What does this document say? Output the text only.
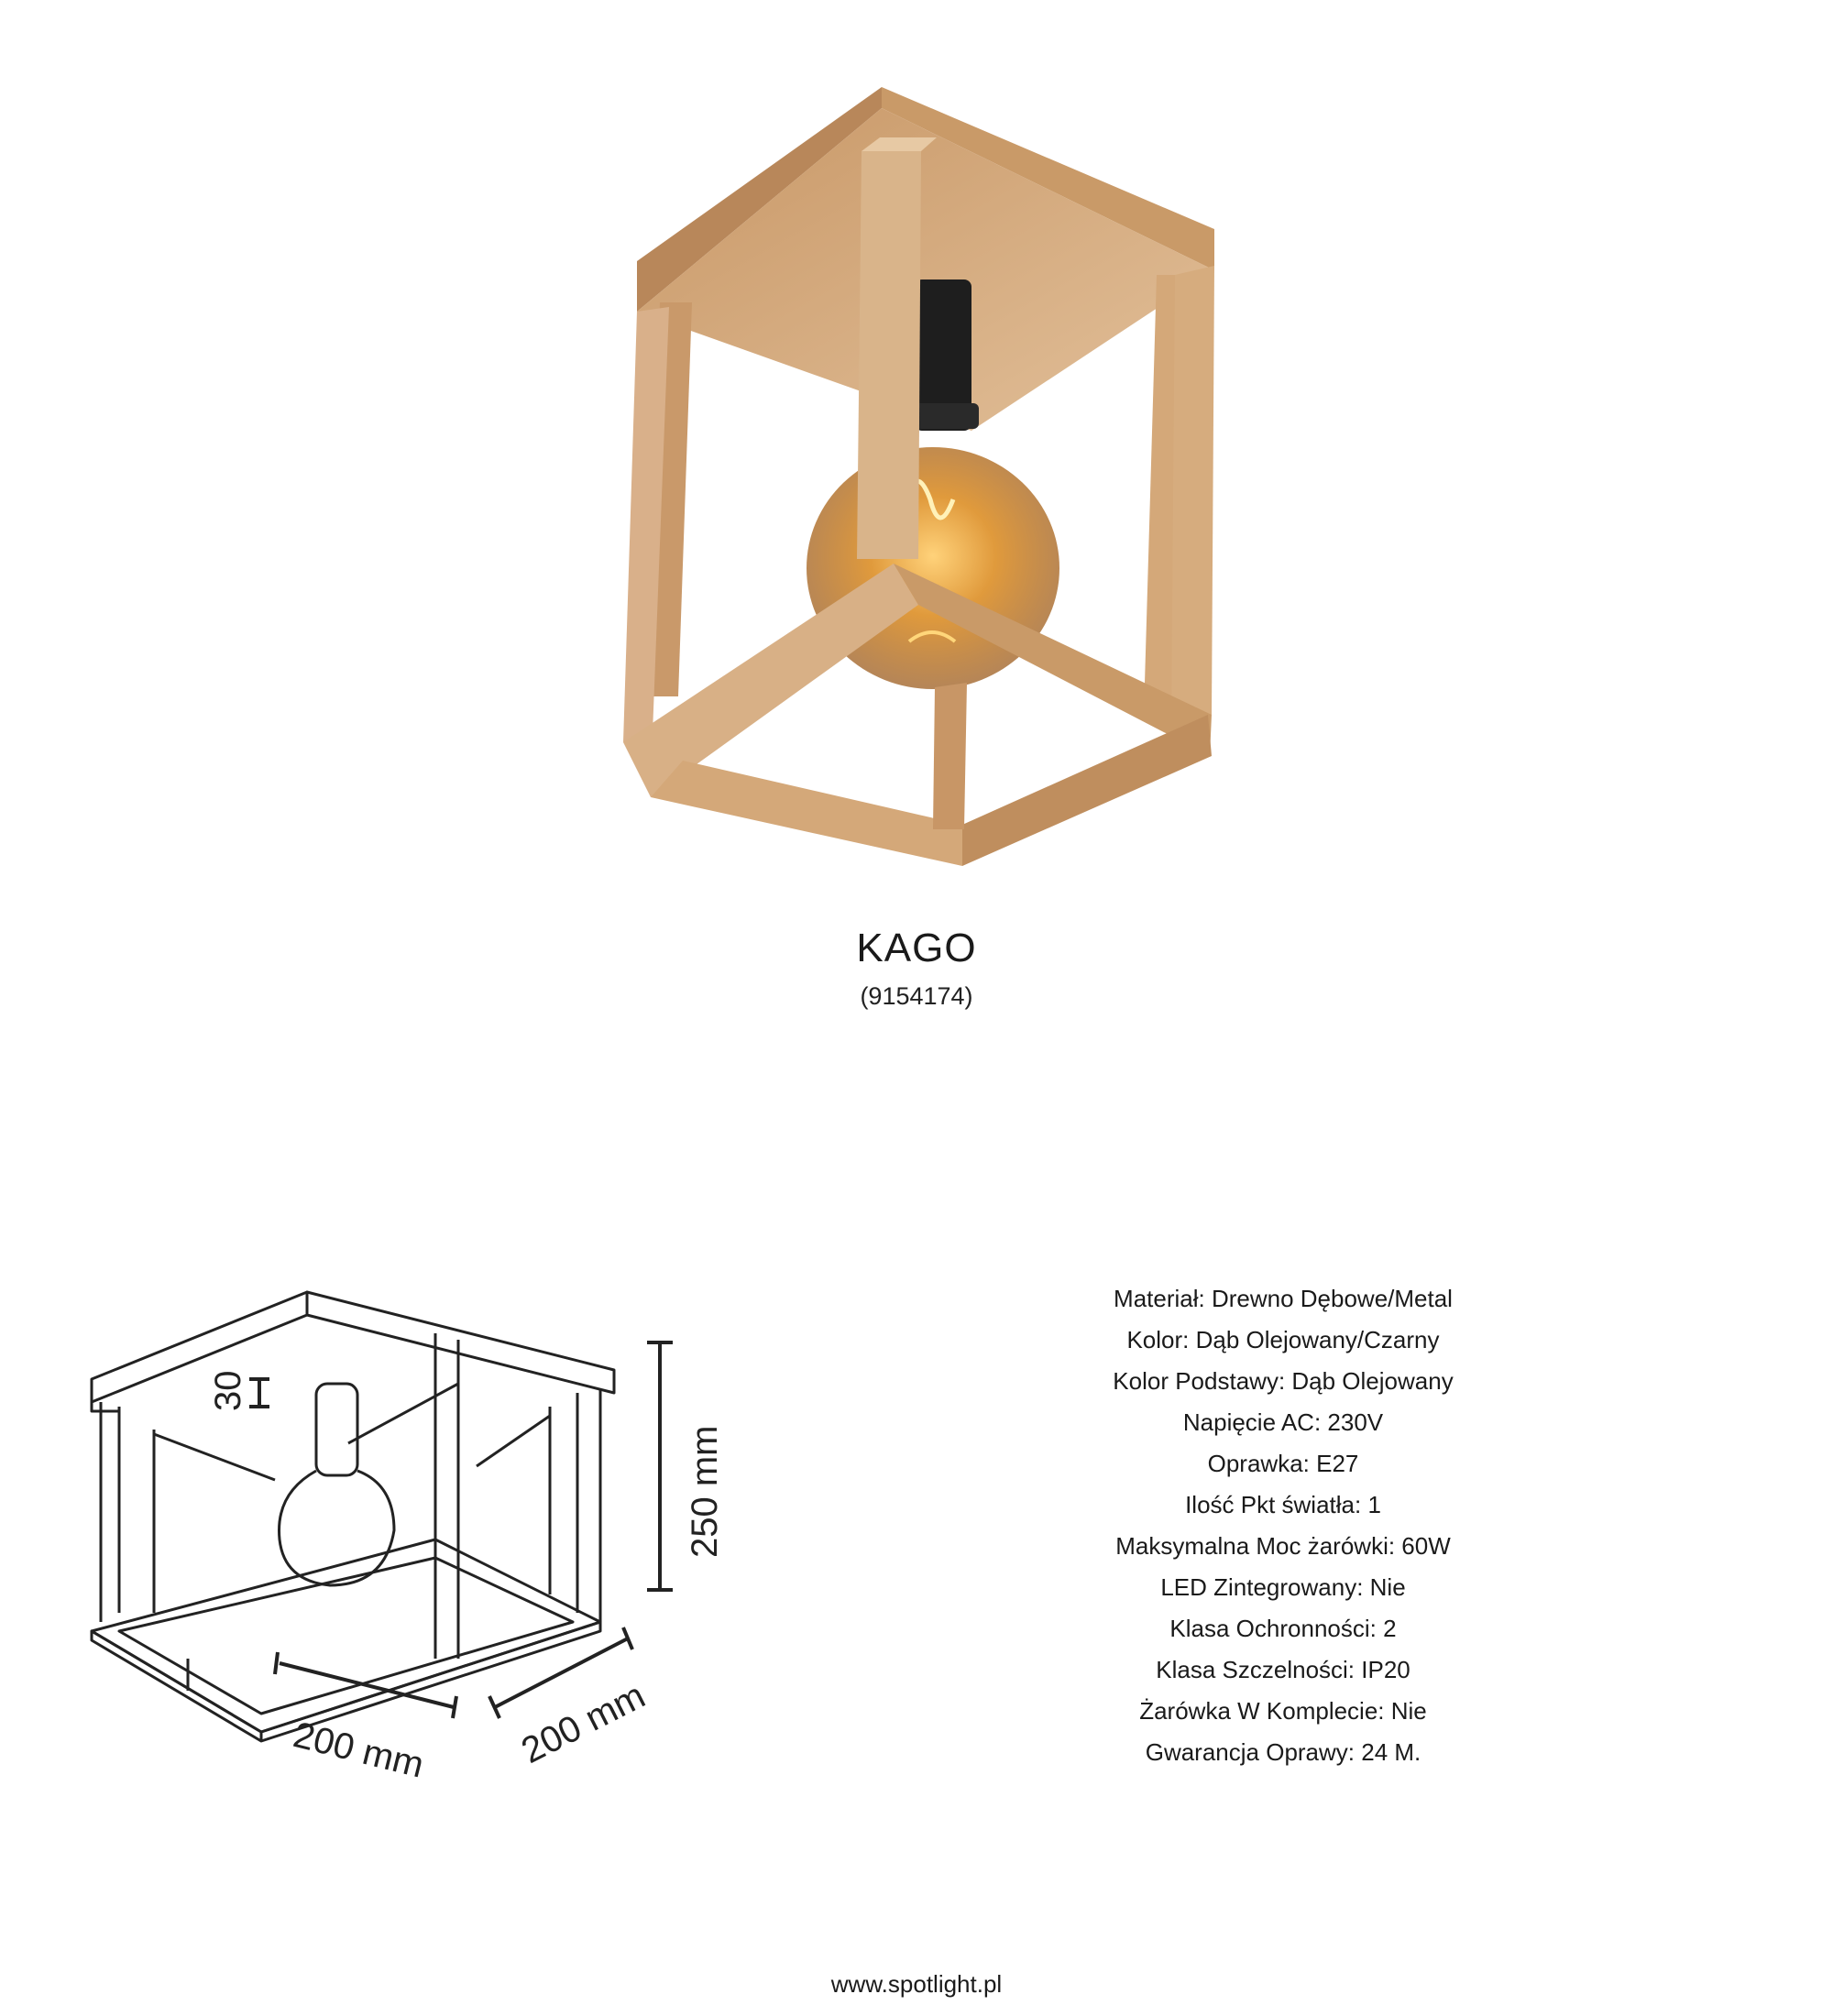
KAGO
(9154174)
30
250 mm
200 mm 200 mm
Materiał: Drewno Dębowe/Metal
Kolor: Dąb Olejowany/Czarny
Kolor Podstawy: Dąb Olejowany
Napięcie AC: 230V
Oprawka: E27
Ilość Pkt światła: 1
Maksymalna Moc żarówki: 60W
LED Zintegrowany: Nie
Klasa Ochronności: 2
Klasa Szczelności: IP20
Żarówka W Komplecie: Nie
Gwarancja Oprawy: 24 M.
www.spotlight.pl
